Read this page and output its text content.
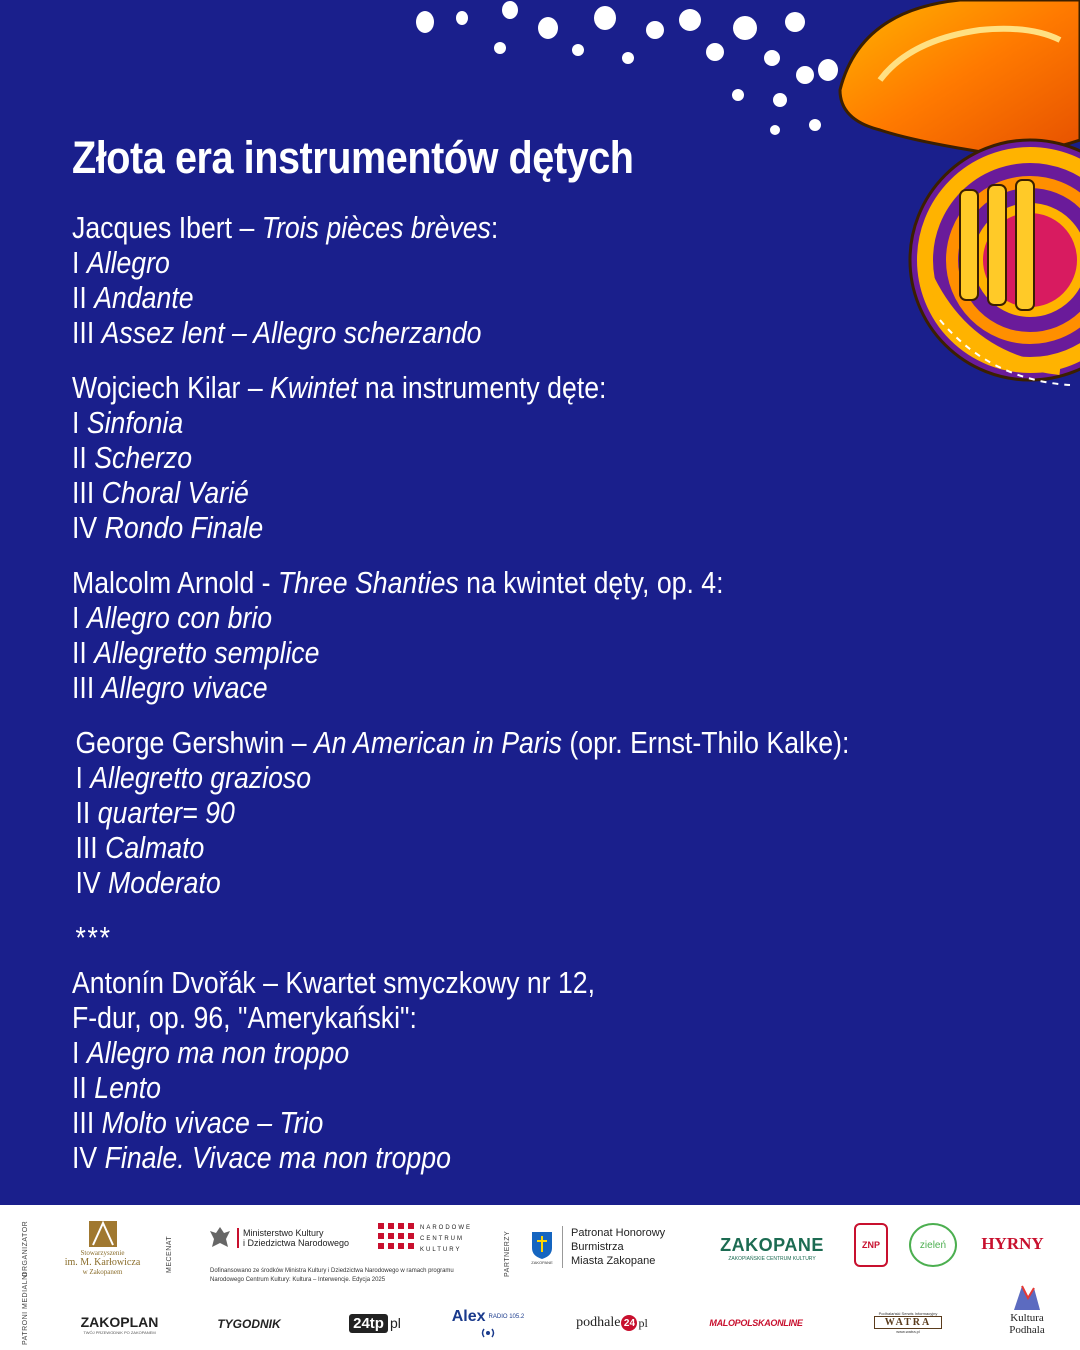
Złota era instrumentów dętych
Jacques Ibert – Trois pièces brèves:
I Allegro
II Andante
III Assez lent – Allegro scherzando
Wojciech Kilar – Kwintet na instrumenty dęte:
I Sinfonia
II Scherzo
III Choral Varié
IV Rondo Finale
Malcolm Arnold - Three Shanties na kwintet dęty, op. 4:
I Allegro con brio
II Allegretto semplice
III Allegro vivace
George Gershwin – An American in Paris (opr. Ernst-Thilo Kalke):
I Allegretto grazioso
II quarter= 90
III Calmato
IV Moderato
***
Antonín Dvořák – Kwartet smyczkowy nr 12,
F-dur, op. 96, "Amerykański":
I Allegro ma non troppo
II Lento
III Molto vivace – Trio
IV Finale. Vivace ma non troppo
ORGANIZATOR	MECENAT	PARTNERZY
PATRONI MEDIALNI
Stowarzyszenie
im. M. Karłowicza
w Zakopanem
Ministerstwo Kultury
i Dziedzictwa Narodowego
NARODOWE
CENTRUM
KULTURY
Dofinansowano ze środków Ministra Kultury i Dziedzictwa Narodowego w ramach programu Narodowego Centrum Kultury: Kultura – Interwencje. Edycja 2025
ZAKOPANE
Patronat Honorowy
Burmistrza
Miasta Zakopane
ZAKOPANE
ZAKOPIAŃSKIE CENTRUM KULTURY
ZNP	zieleń	HYRNY
ZAKOPLAN
TWÓJ PRZEWODNIK PO ZAKOPANEM
TYGODNIK	24tp pl	Alex RADIO 105.2	podhale 24 pl	MALOPOLSKAONLINE
Podhalański Serwis Informacyjny
WATRA
www.watra.pl
Kultura
Podhala
